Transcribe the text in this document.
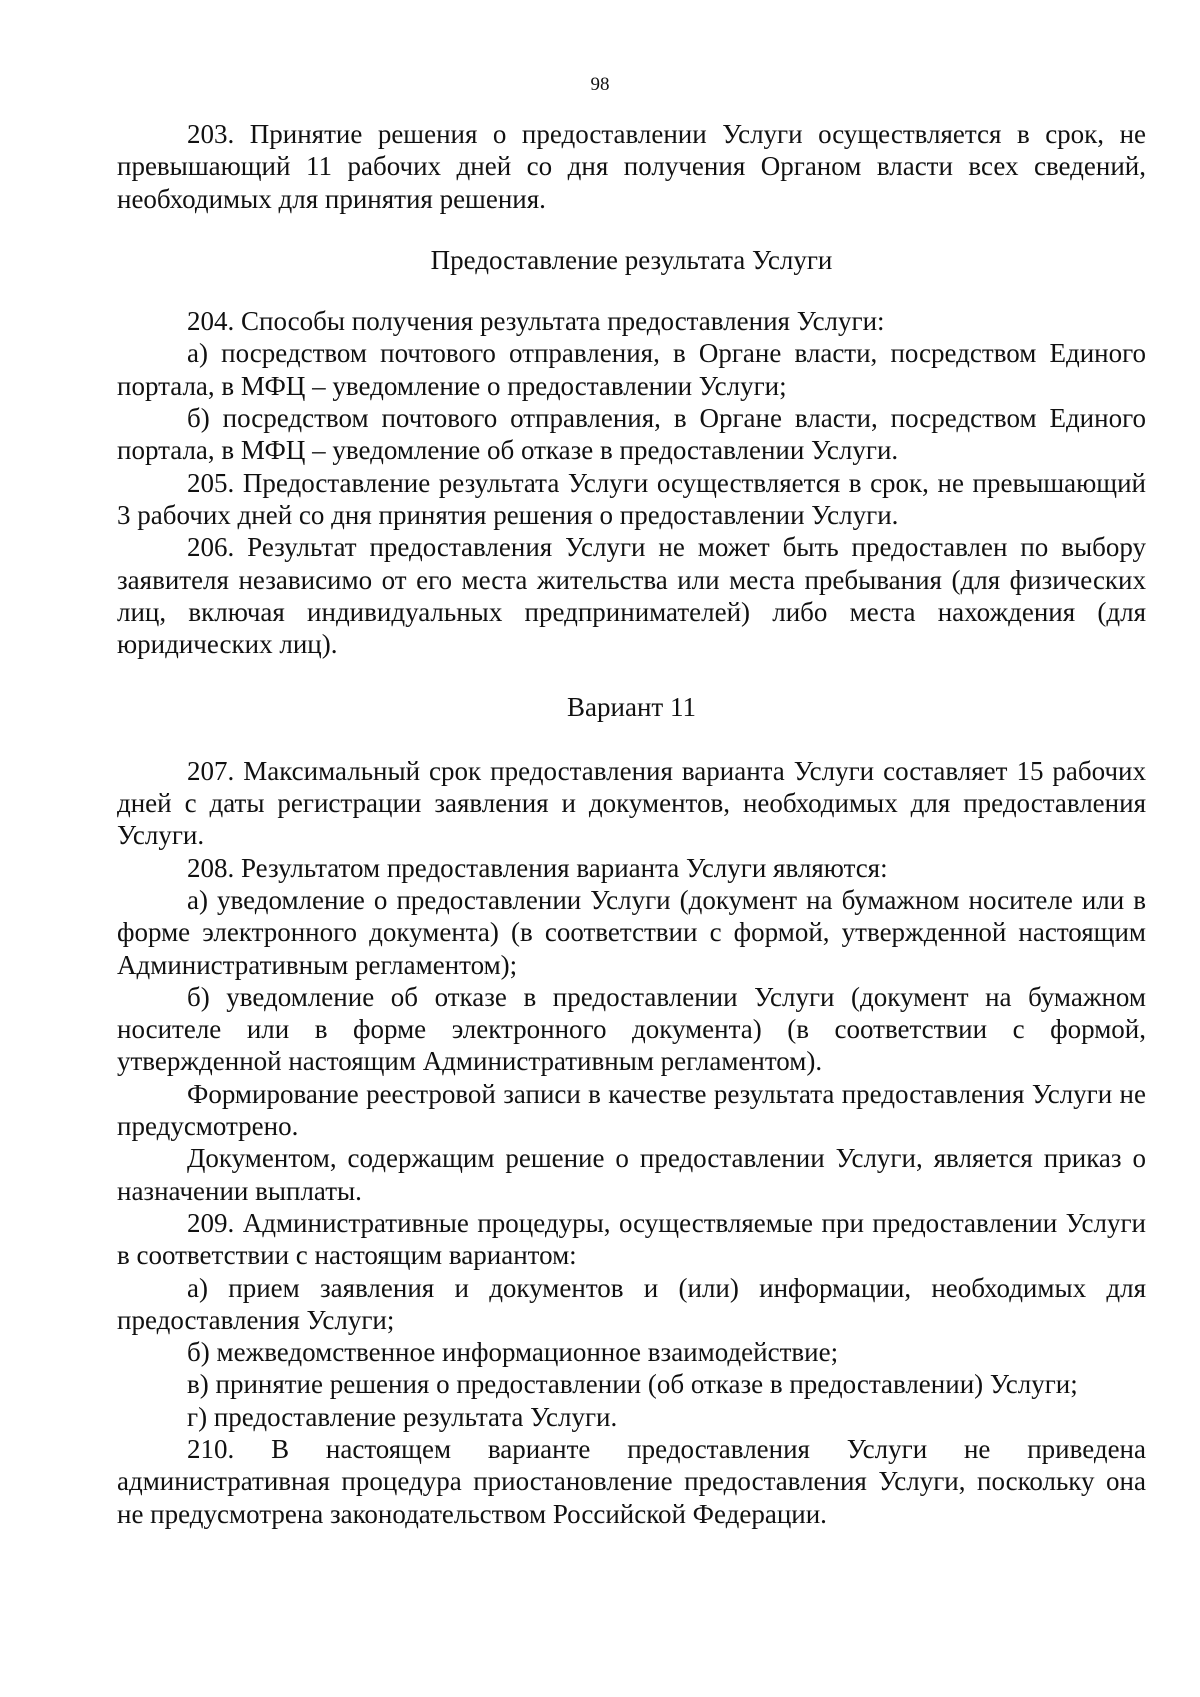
98

203. Принятие решения о предоставлении Услуги осуществляется в срок, не превышающий 11 рабочих дней со дня получения Органом власти всех сведений, необходимых для принятия решения.

Предоставление результата Услуги

204. Способы получения результата предоставления Услуги:

а) посредством почтового отправления, в Органе власти, посредством Единого портала, в МФЦ – уведомление о предоставлении Услуги;

б) посредством почтового отправления, в Органе власти, посредством Единого портала, в МФЦ – уведомление об отказе в предоставлении Услуги.

205. Предоставление результата Услуги осуществляется в срок, не превышающий 3 рабочих дней со дня принятия решения о предоставлении Услуги.

206. Результат предоставления Услуги не может быть предоставлен по выбору заявителя независимо от его места жительства или места пребывания (для физических лиц, включая индивидуальных предпринимателей) либо места нахождения (для юридических лиц).

Вариант 11

207. Максимальный срок предоставления варианта Услуги составляет 15 рабочих дней с даты регистрации заявления и документов, необходимых для предоставления Услуги.

208. Результатом предоставления варианта Услуги являются:

а) уведомление о предоставлении Услуги (документ на бумажном носителе или в форме электронного документа) (в соответствии с формой, утвержденной настоящим Административным регламентом);

б) уведомление об отказе в предоставлении Услуги (документ на бумажном носителе или в форме электронного документа) (в соответствии с формой, утвержденной настоящим Административным регламентом).

Формирование реестровой записи в качестве результата предоставления Услуги не предусмотрено.

Документом, содержащим решение о предоставлении Услуги, является приказ о назначении выплаты.

209. Административные процедуры, осуществляемые при предоставлении Услуги в соответствии с настоящим вариантом:

а) прием заявления и документов и (или) информации, необходимых для предоставления Услуги;

б) межведомственное информационное взаимодействие;

в) принятие решения о предоставлении (об отказе в предоставлении) Услуги;

г) предоставление результата Услуги.

210. В настоящем варианте предоставления Услуги не приведена административная процедура приостановление предоставления Услуги, поскольку она не предусмотрена законодательством Российской Федерации.
